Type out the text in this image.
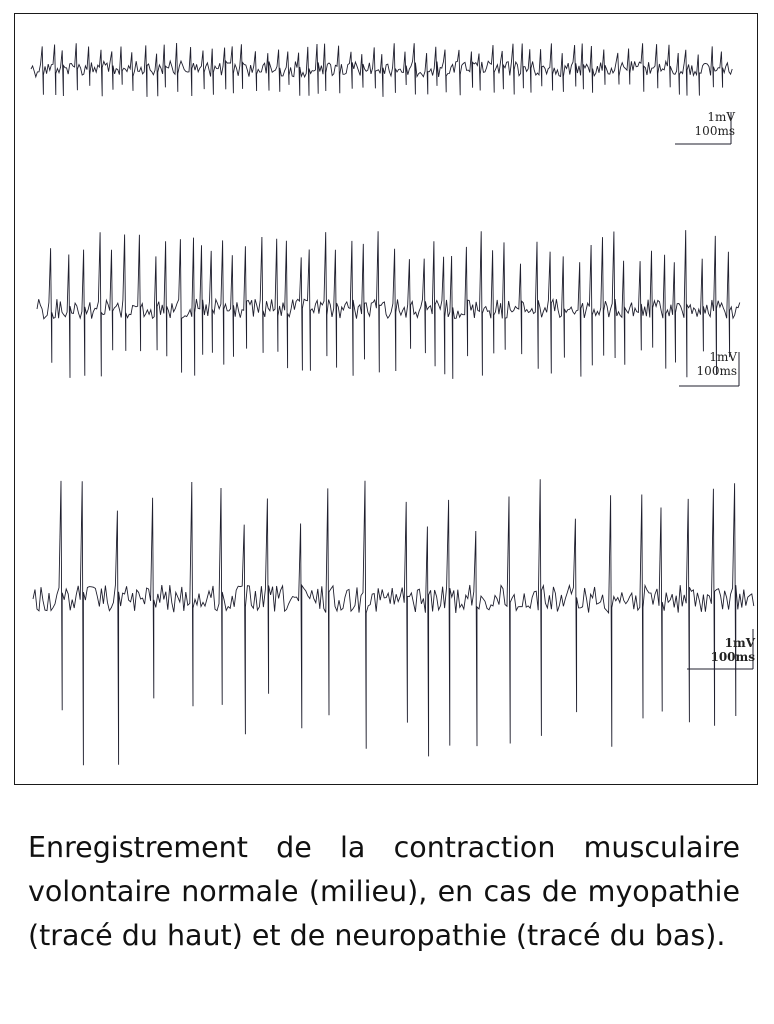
1mV
100ms
1mV
100ms
1mV
100ms
Enregistrement de la contraction musculaire volontaire normale (milieu), en cas de myopathie (tracé du haut) et de neuropathie (tracé du bas).
